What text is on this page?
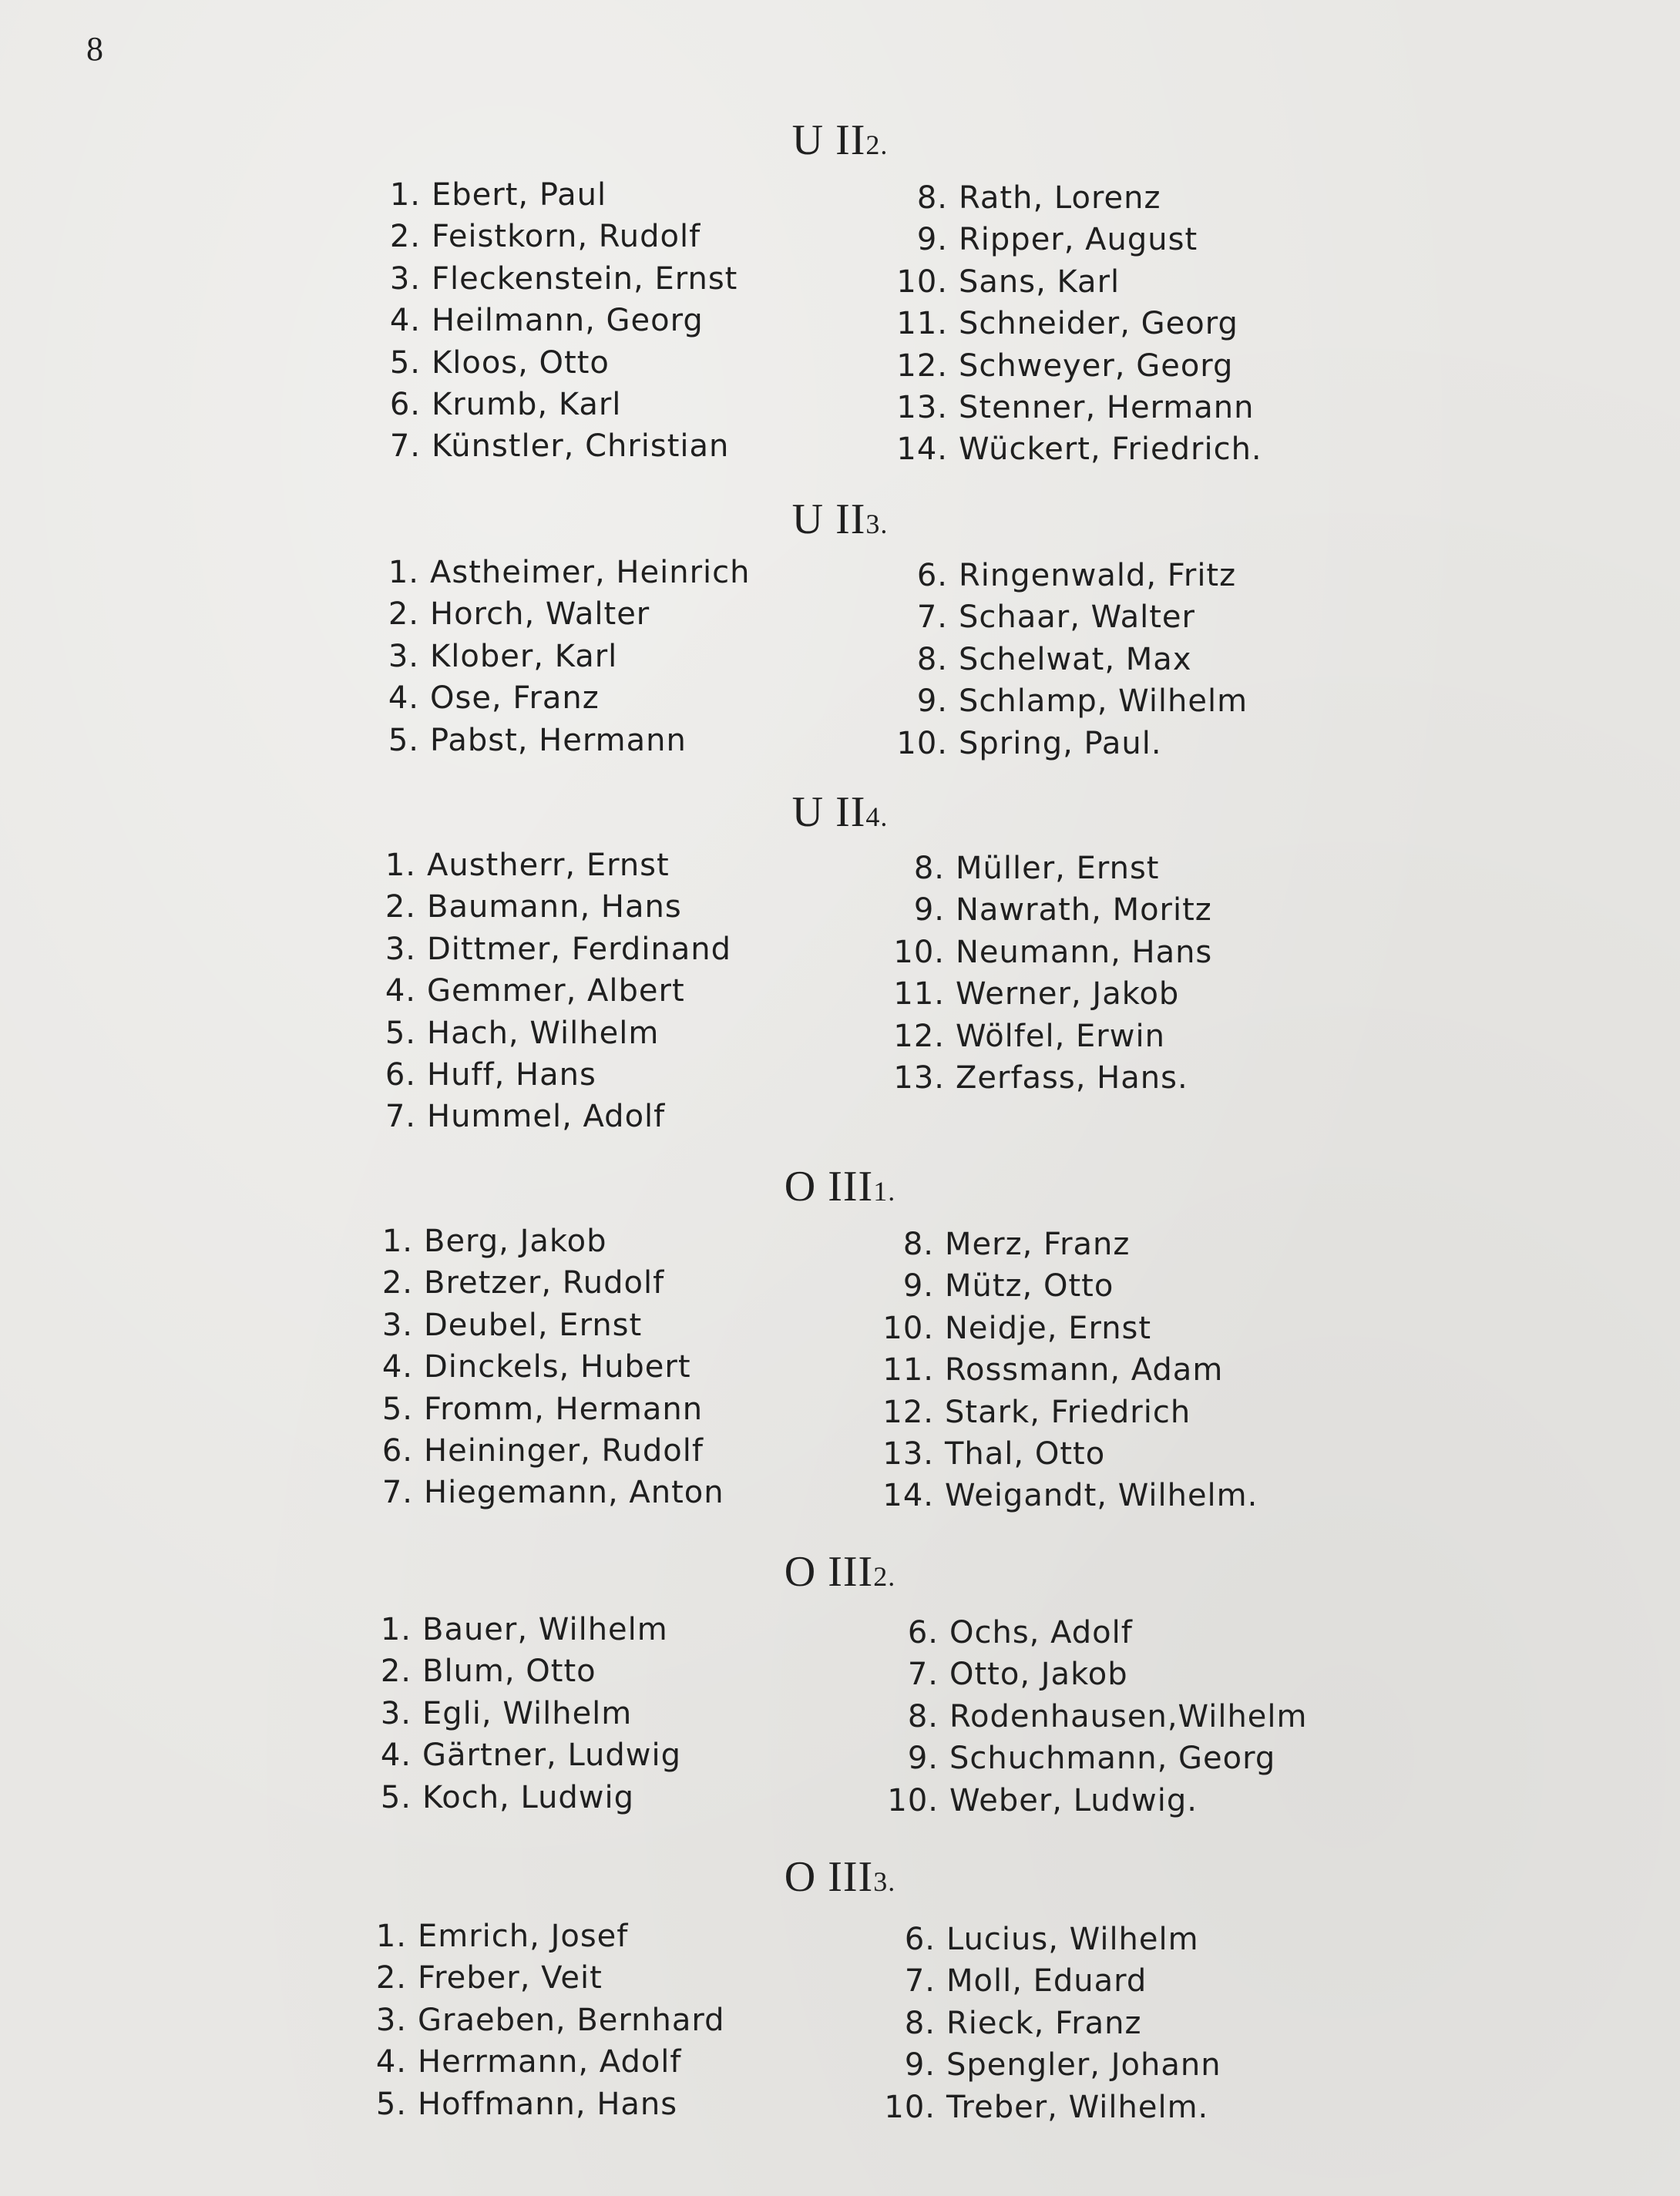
8
U II2.
1. Ebert, Paul
2. Feistkorn, Rudolf
3. Fleckenstein, Ernst
4. Heilmann, Georg
5. Kloos, Otto
6. Krumb, Karl
7. Künstler, Christian
8. Rath, Lorenz
9. Ripper, August
10. Sans, Karl
11. Schneider, Georg
12. Schweyer, Georg
13. Stenner, Hermann
14. Wückert, Friedrich.
U II3.
1. Astheimer, Heinrich
2. Horch, Walter
3. Klober, Karl
4. Ose, Franz
5. Pabst, Hermann
6. Ringenwald, Fritz
7. Schaar, Walter
8. Schelwat, Max
9. Schlamp, Wilhelm
10. Spring, Paul.
U II4.
1. Austherr, Ernst
2. Baumann, Hans
3. Dittmer, Ferdinand
4. Gemmer, Albert
5. Hach, Wilhelm
6. Huff, Hans
7. Hummel, Adolf
8. Müller, Ernst
9. Nawrath, Moritz
10. Neumann, Hans
11. Werner, Jakob
12. Wölfel, Erwin
13. Zerfass, Hans.
O III1.
1. Berg, Jakob
2. Bretzer, Rudolf
3. Deubel, Ernst
4. Dinckels, Hubert
5. Fromm, Hermann
6. Heininger, Rudolf
7. Hiegemann, Anton
8. Merz, Franz
9. Mütz, Otto
10. Neidje, Ernst
11. Rossmann, Adam
12. Stark, Friedrich
13. Thal, Otto
14. Weigandt, Wilhelm.
O III2.
1. Bauer, Wilhelm
2. Blum, Otto
3. Egli, Wilhelm
4. Gärtner, Ludwig
5. Koch, Ludwig
6. Ochs, Adolf
7. Otto, Jakob
8. Rodenhausen,Wilhelm
9. Schuchmann, Georg
10. Weber, Ludwig.
O III3.
1. Emrich, Josef
2. Freber, Veit
3. Graeben, Bernhard
4. Herrmann, Adolf
5. Hoffmann, Hans
6. Lucius, Wilhelm
7. Moll, Eduard
8. Rieck, Franz
9. Spengler, Johann
10. Treber, Wilhelm.
